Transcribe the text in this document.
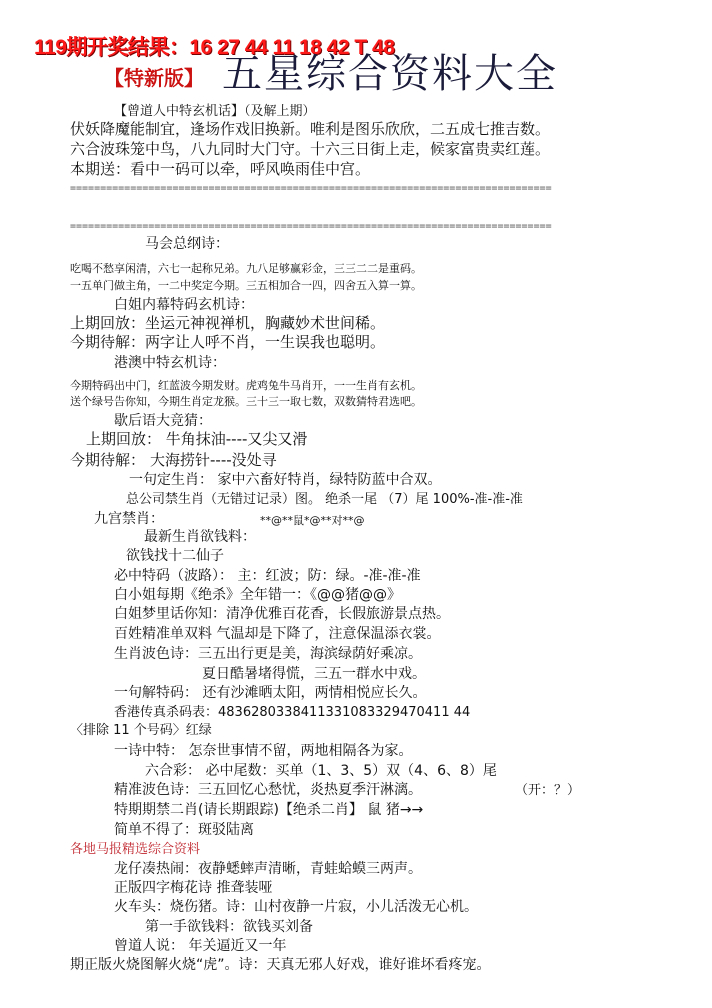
119期开奖结果：16 27 44 11 18 42 T 48
【特新版】 五星综合资料大全
【曾道人中特玄机话】（及解上期）
伏妖降魔能制宜，逢场作戏旧换新。唯利是图乐欣欣，二五成七推吉数。
六合波珠笼中鸟，八九同时大门守。十六三日街上走，候家富贵卖红莲。
本期送：看中一码可以牵，呼风唤雨佳中宫。
================================================================================
================================================================================
马会总纲诗：
吃喝不愁享闲清，六七一起称兄弟。九八足够赢彩金，三三二二是重码。
一五单门做主角，一二中奖定今期。三五相加合一四，四舍五入算一算。
白姐内幕特码玄机诗：
上期回放：坐运元神视禅机，胸藏妙术世间稀。
今期待解：两字让人呼不肖，一生误我也聪明。
港澳中特玄机诗：
今期特码出中门，红蓝波今期发财。虎鸡兔牛马肖开，一一生肖有玄机。
送个绿号告你知，今期生肖定龙猴。三十三一取七数，双数猜特君选吧。
歇后语大竞猜：
上期回放： 牛角抹油----又尖又滑
今期待解： 大海捞针----没处寻
一句定生肖： 家中六畜好特肖，绿特防蓝中合双。
总公司禁生肖（无错过记录）图。 绝杀一尾 （7）尾 100%-准-准-准
九宫禁肖：	**@**鼠*@**对**@
最新生肖欲钱料：
欲钱找十二仙子
必中特码（波路）： 主：红波；防：绿。-准-准-准
白小姐每期《绝杀》全年错一：《@@猪@@》
白姐梦里话你知：清净优雅百花香，长假旅游景点热。
百姓精准单双料 气温却是下降了，注意保温添衣裳。
生肖波色诗：三五出行更是美，海滨绿荫好乘凉。
夏日酷暑堵得慌，三五一群水中戏。
一句解特码： 还有沙滩晒太阳，两情相悦应长久。
香港传真杀码表：4836280338411331083329470411 44
〈排除 11 个号码〉红绿
一诗中特： 怎奈世事情不留，两地相隔各为家。
六合彩： 必中尾数：买单（1、3、5）双（4、6、8）尾
精准波色诗：三五回忆心愁忧，炎热夏季汗淋漓。	（开：？）
特期期禁二肖(请长期跟踪)【绝杀二肖】 鼠 猪→→
简单不得了：斑驳陆离
各地马报精选综合资料
龙仔凑热闹：夜静蟋蟀声清晰，青蛙蛤蟆三两声。
正版四字梅花诗 推聋装哑
火车头：烧伤猪。诗：山村夜静一片寂，小儿活泼无心机。
第一手欲钱料：欲钱买刘备
曾道人说： 年关逼近又一年
期正版火烧图解火烧“虎”。诗：天真无邪人好戏，谁好谁坏看疼宠。
